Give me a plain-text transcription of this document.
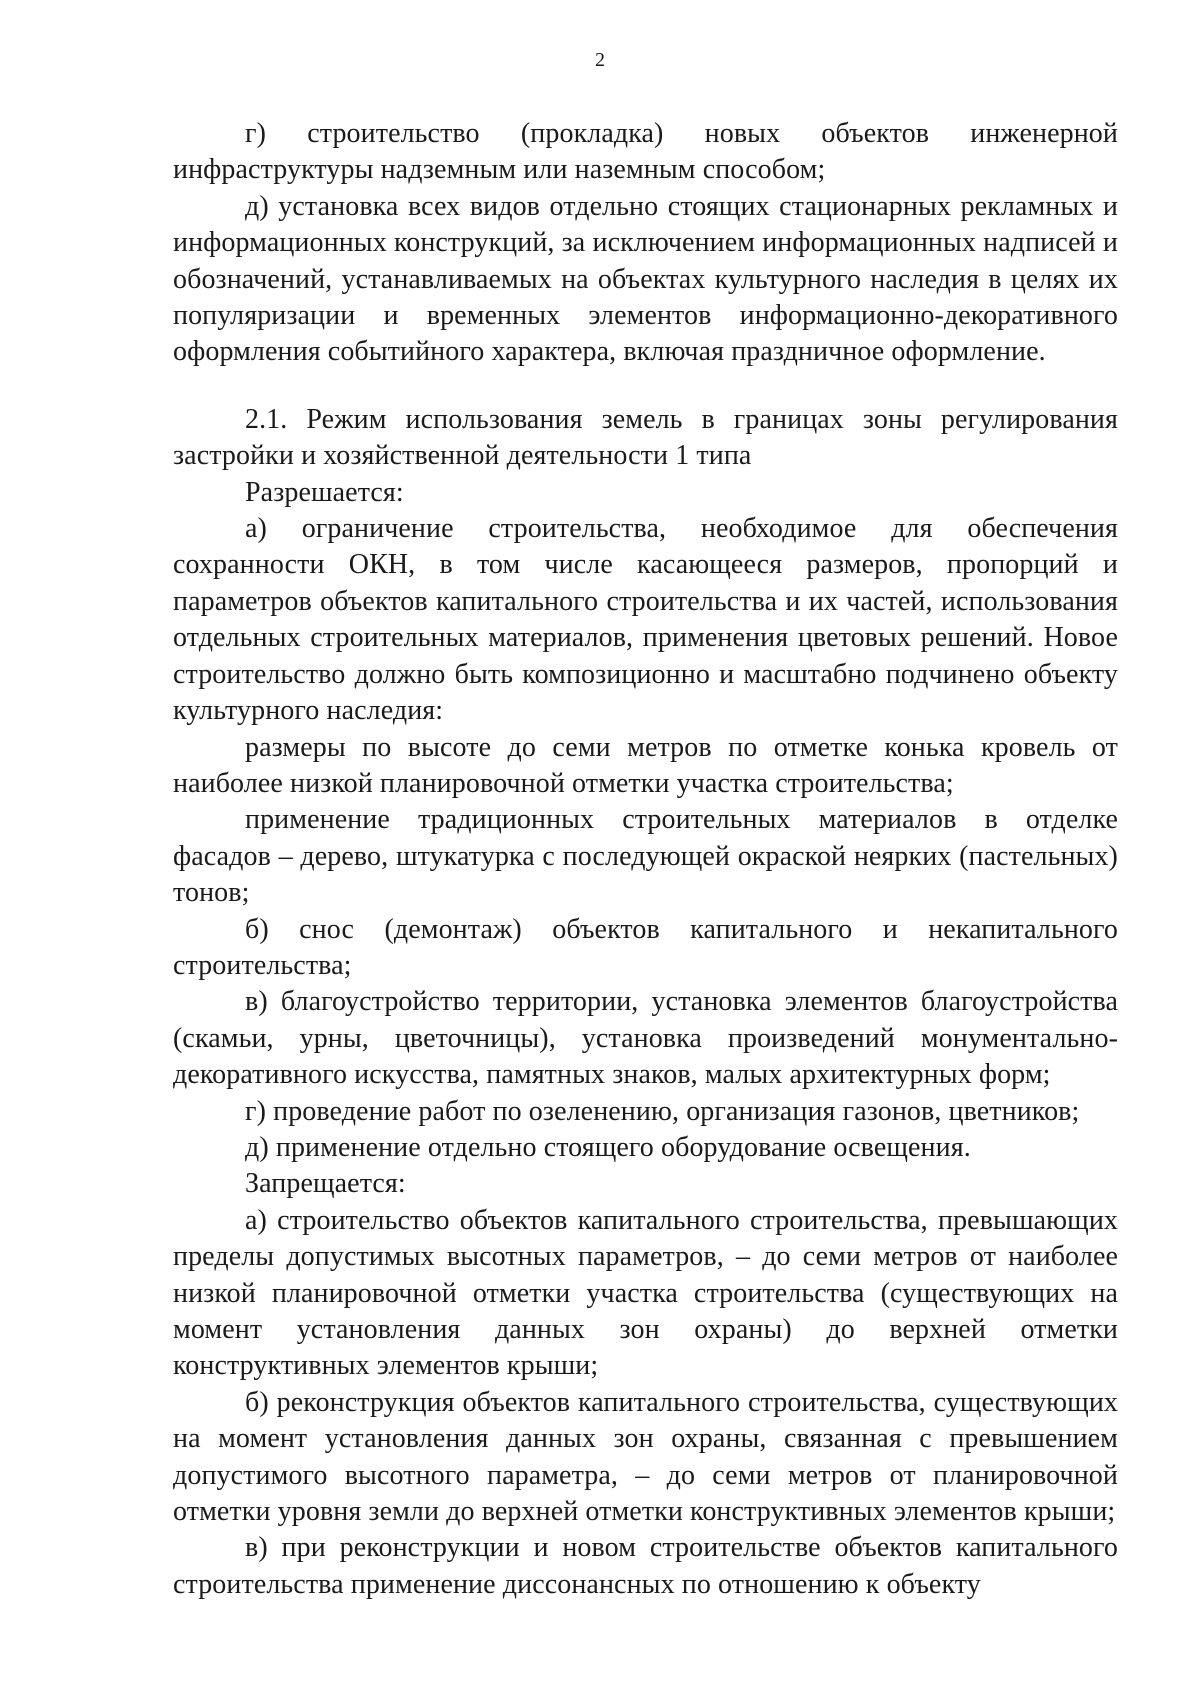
2

г) строительство (прокладка) новых объектов инженерной инфраструктуры надземным или наземным способом;

д) установка всех видов отдельно стоящих стационарных рекламных и информационных конструкций, за исключением информационных надписей и обозначений, устанавливаемых на объектах культурного наследия в целях их популяризации и временных элементов информационно-декоративного оформления событийного характера, включая праздничное оформление.

2.1. Режим использования земель в границах зоны регулирования застройки и хозяйственной деятельности 1 типа

Разрешается:

а) ограничение строительства, необходимое для обеспечения сохранности ОКН, в том числе касающееся размеров, пропорций и параметров объектов капитального строительства и их частей, использования отдельных строительных материалов, применения цветовых решений. Новое строительство должно быть композиционно и масштабно подчинено объекту культурного наследия:

размеры по высоте до семи метров по отметке конька кровель от наиболее низкой планировочной отметки участка строительства;

применение традиционных строительных материалов в отделке фасадов – дерево, штукатурка с последующей окраской неярких (пастельных) тонов;

б) снос (демонтаж) объектов капитального и некапитального строительства;

в) благоустройство территории, установка элементов благоустройства (скамьи, урны, цветочницы), установка произведений монументально-декоративного искусства, памятных знаков, малых архитектурных форм;

г) проведение работ по озеленению, организация газонов, цветников;

д) применение отдельно стоящего оборудование освещения.

Запрещается:

а) строительство объектов капитального строительства, превышающих пределы допустимых высотных параметров, – до семи метров от наиболее низкой планировочной отметки участка строительства (существующих на момент установления данных зон охраны) до верхней отметки конструктивных элементов крыши;

б) реконструкция объектов капитального строительства, существующих на момент установления данных зон охраны, связанная с превышением допустимого высотного параметра, – до семи метров от планировочной отметки уровня земли до верхней отметки конструктивных элементов крыши;

в) при реконструкции и новом строительстве объектов капитального строительства применение диссонансных по отношению к объекту
